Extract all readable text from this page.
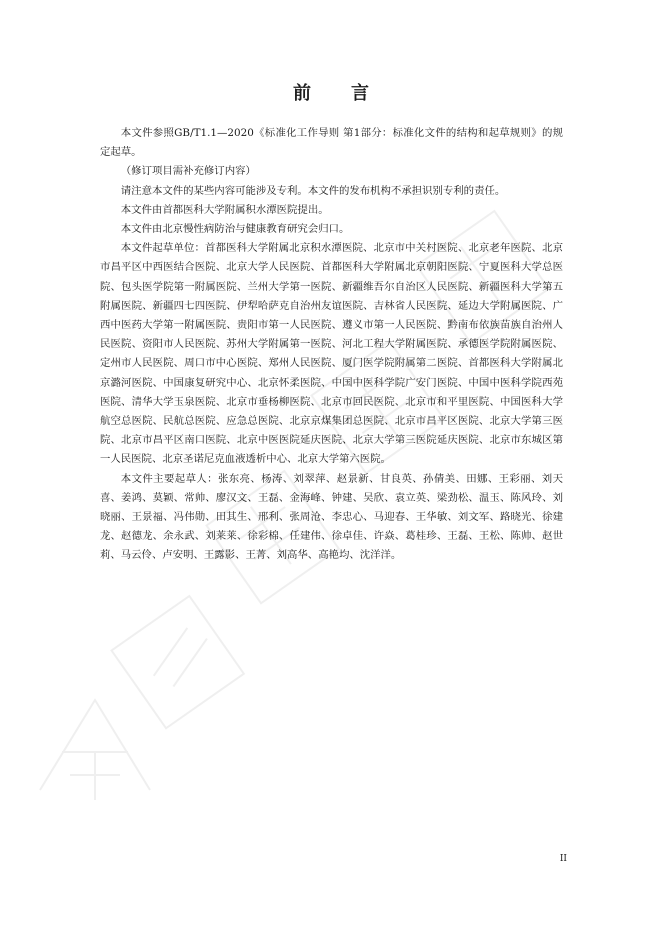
前 言

本文件参照GB/T1.1—2020《标准化工作导则 第1部分：标准化文件的结构和起草规则》的规定起草。

（修订项目需补充修订内容）

请注意本文件的某些内容可能涉及专利。本文件的发布机构不承担识别专利的责任。

本文件由首都医科大学附属积水潭医院提出。

本文件由北京慢性病防治与健康教育研究会归口。

本文件起草单位：首都医科大学附属北京积水潭医院、北京市中关村医院、北京老年医院、北京市昌平区中西医结合医院、北京大学人民医院、首都医科大学附属北京朝阳医院、宁夏医科大学总医院、包头医学院第一附属医院、兰州大学第一医院、新疆维吾尔自治区人民医院、新疆医科大学第五附属医院、新疆四七四医院、伊犁哈萨克自治州友谊医院、吉林省人民医院、延边大学附属医院、广西中医药大学第一附属医院、贵阳市第一人民医院、遵义市第一人民医院、黔南布依族苗族自治州人民医院、资阳市人民医院、苏州大学附属第一医院、河北工程大学附属医院、承德医学院附属医院、定州市人民医院、周口市中心医院、郑州人民医院、厦门医学院附属第二医院、首都医科大学附属北京潞河医院、中国康复研究中心、北京怀柔医院、中国中医科学院广安门医院、中国中医科学院西苑医院、清华大学玉泉医院、北京市垂杨柳医院、北京市回民医院、北京市和平里医院、中国医科大学航空总医院、民航总医院、应急总医院、北京京煤集团总医院、北京市昌平区医院、北京大学第三医院、北京市昌平区南口医院、北京中医医院延庆医院、北京大学第三医院延庆医院、北京市东城区第一人民医院、北京圣诺尼克血液透析中心、北京大学第六医院。

本文件主要起草人：张东亮、杨涛、刘翠萍、赵景新、甘良英、孙倩美、田娜、王彩丽、刘天喜、姜鸿、莫颖、常帅、廖汉文、王磊、金海峰、钟建、吴欣、袁立英、梁劲松、温玉、陈风玲、刘晓丽、王景福、冯伟勋、田其生、邢利、张周沧、李忠心、马迎春、王华敏、刘文军、路晓光、徐建龙、赵德龙、余永武、刘莱莱、徐彩棉、任建伟、徐卓佳、许焱、葛桂珍、王磊、王松、陈帅、赵世莉、马云伶、卢安明、王露影、王菁、刘高华、高艳均、沈洋洋。

II
